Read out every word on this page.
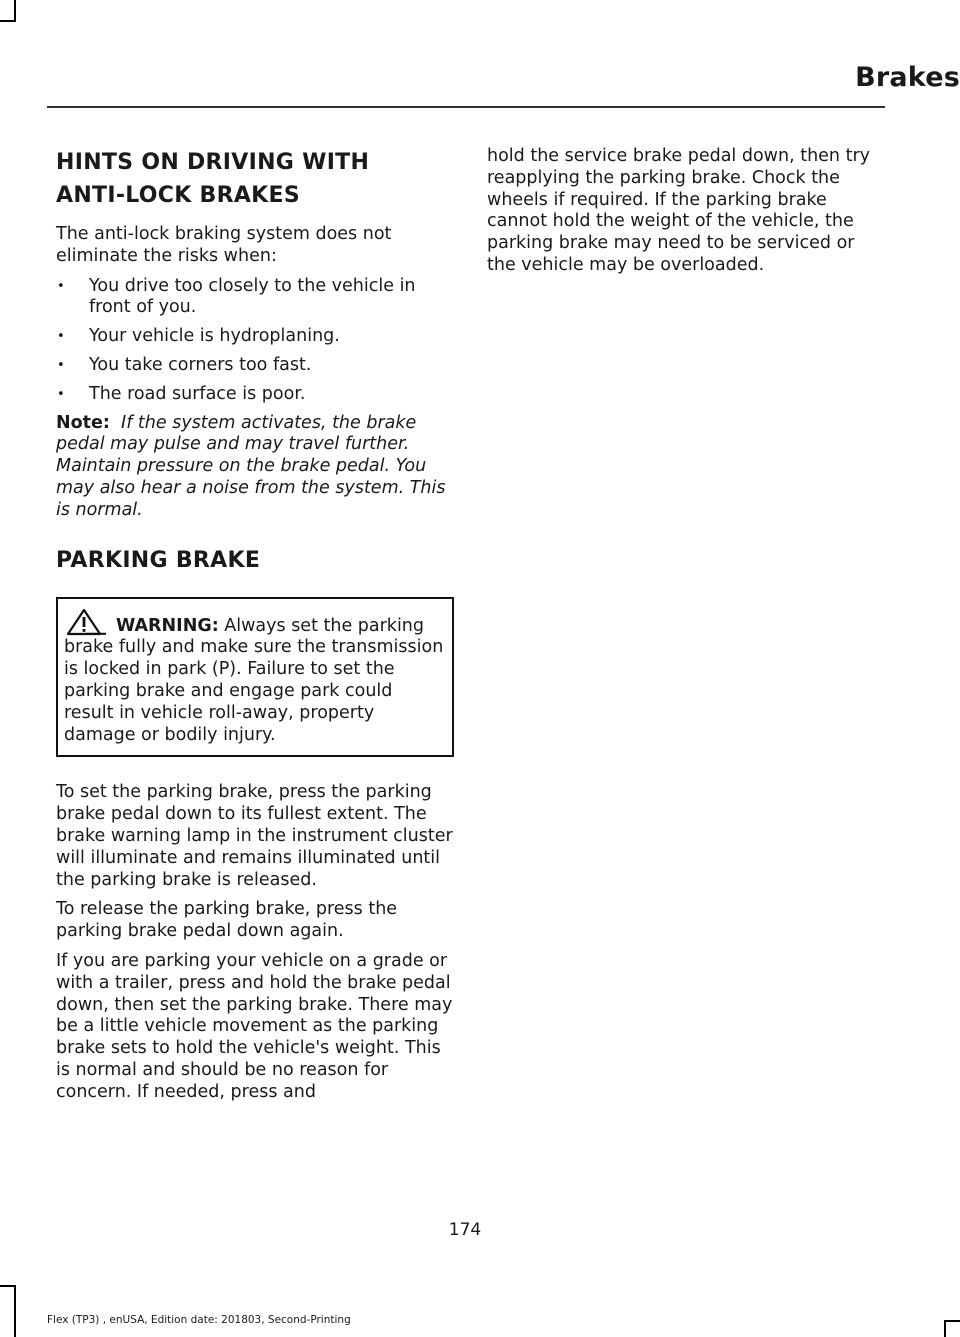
Brakes
HINTS ON DRIVING WITH
ANTI-LOCK BRAKES

The anti-lock braking system does not eliminate the risks when:

• You drive too closely to the vehicle in front of you.
• Your vehicle is hydroplaning.
• You take corners too fast.
• The road surface is poor.

Note: If the system activates, the brake pedal may pulse and may travel further. Maintain pressure on the brake pedal. You may also hear a noise from the system. This is normal.

PARKING BRAKE

WARNING: Always set the parking brake fully and make sure the transmission is locked in park (P). Failure to set the parking brake and engage park could result in vehicle roll-away, property damage or bodily injury.

To set the parking brake, press the parking brake pedal down to its fullest extent. The brake warning lamp in the instrument cluster will illuminate and remains illuminated until the parking brake is released.

To release the parking brake, press the parking brake pedal down again.

If you are parking your vehicle on a grade or with a trailer, press and hold the brake pedal down, then set the parking brake. There may be a little vehicle movement as the parking brake sets to hold the vehicle's weight. This is normal and should be no reason for concern. If needed, press and

hold the service brake pedal down, then try reapplying the parking brake. Chock the wheels if required. If the parking brake cannot hold the weight of the vehicle, the parking brake may need to be serviced or the vehicle may be overloaded.

174
Flex (TP3) , enUSA, Edition date: 201803, Second-Printing
